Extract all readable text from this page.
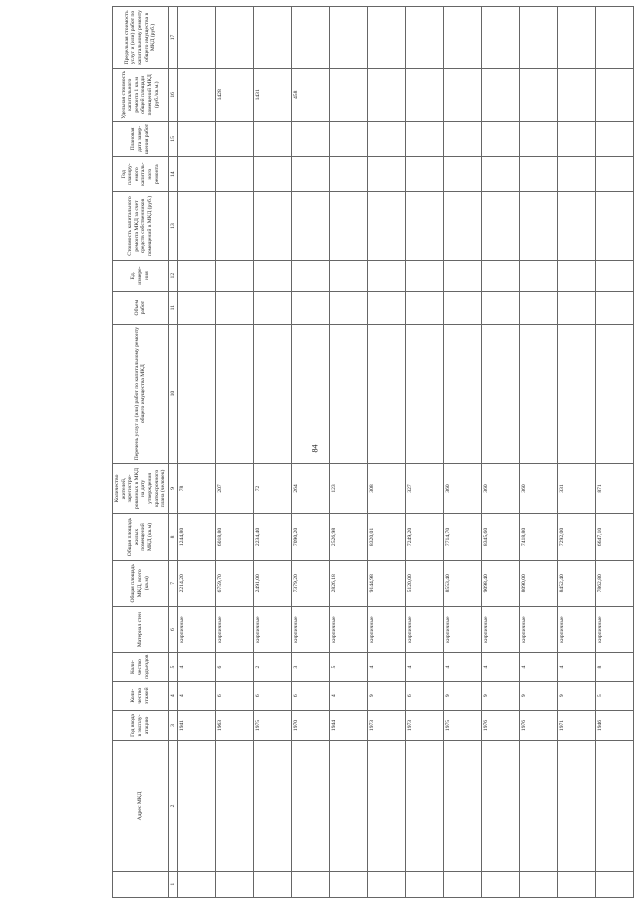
84
	Адрес МКД	Год ввода в эксплу-атацию	Коли-чество этажей	Коли-чество подъездов	Материал стен	Общая площадь МКД, всего (кв.м)	Общая площадь жилых помещений МКД (кв.м)	Количество жителей, зарегистри-рованных в МКД на дату утверждения краткосрочного плана (человек)	Перечень услуг и (или) работ по капитальному ремонту общего имущества МКД	Объем работ	Ед. измере-ния	Стоимость капитального ремонта МКД за счет средств собственников помещений в МКД (руб.)	Год планиру-емого капиталь-ного ремонта	Плановая дата завер-шения работ	Удельная стоимость капитального ремонта 1 кв.м общей площади помещений МКД (руб./кв.м.)	Предельная стоимость услуг и (или) работ по капитальному ремонту общего имущества в МКД (руб.)
1	2	3	4	5	6	7	8	9	10	11	12	13	14	15	16	17
		1941	4	4	кирпичные	2214,20	1244,80	78								
		1963	6	6	кирпичные	6759,70	6018,80	207							1428	
		1975	6	2	кирпичные	2491,00	2234,40	72							1431	
		1970	6	3	кирпичные	7379,20	7090,20	264							458	
		1944	4	5	кирпичные	2826,18	2526,98	123								
		1973	9	4	кирпичные	9144,98	8320,01	308								
		1973	6	4	кирпичные	5120,00	7249,20	327								
		1975	9	4	кирпичные	8553,40	7714,70	360								
		1976	9	4	кирпичные	9098,40	8345,60	360								
		1976	9	4	кирпичные	8090,00	7418,80	360								
		1971	9	4	кирпичные	8452,40	7292,00	331								
		1946	5	8	кирпичные	7862,80	6647,10	871								
